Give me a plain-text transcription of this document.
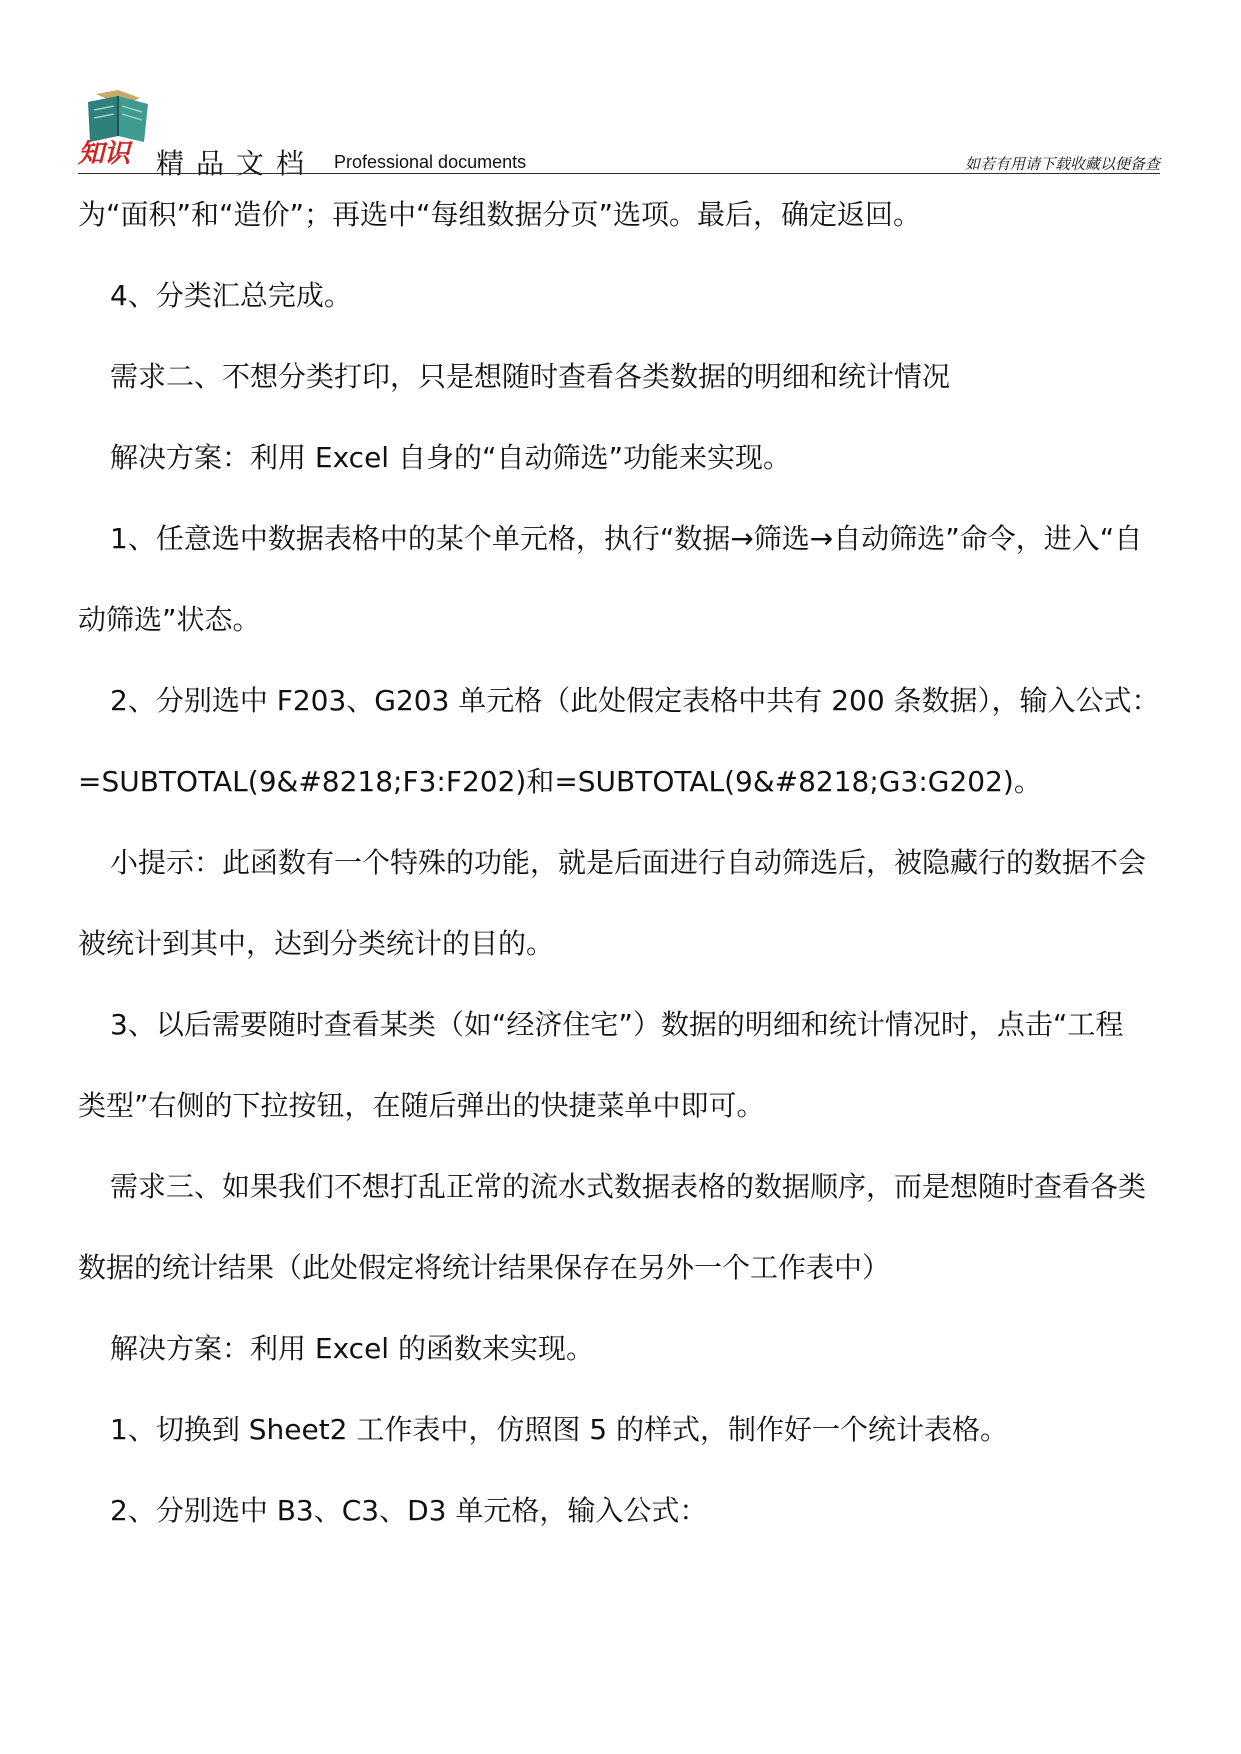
知识 精品文档 Professional documents	如若有用请下载收藏以便备查
为“面积”和“造价”；再选中“每组数据分页”选项。最后，确定返回。
4、分类汇总完成。
需求二、不想分类打印，只是想随时查看各类数据的明细和统计情况
解决方案：利用 Excel 自身的“自动筛选”功能来实现。
1、任意选中数据表格中的某个单元格，执行“数据→筛选→自动筛选”命令，进入“自
动筛选”状态。
2、分别选中 F203、G203 单元格（此处假定表格中共有 200 条数据），输入公式：
=SUBTOTAL(9&#8218;F3:F202)和=SUBTOTAL(9&#8218;G3:G202)。
小提示：此函数有一个特殊的功能，就是后面进行自动筛选后，被隐藏行的数据不会
被统计到其中，达到分类统计的目的。
3、以后需要随时查看某类（如“经济住宅”）数据的明细和统计情况时，点击“工程
类型”右侧的下拉按钮，在随后弹出的快捷菜单中即可。
需求三、如果我们不想打乱正常的流水式数据表格的数据顺序，而是想随时查看各类
数据的统计结果（此处假定将统计结果保存在另外一个工作表中）
解决方案：利用 Excel 的函数来实现。
1、切换到 Sheet2 工作表中，仿照图 5 的样式，制作好一个统计表格。
2、分别选中 B3、C3、D3 单元格，输入公式：
